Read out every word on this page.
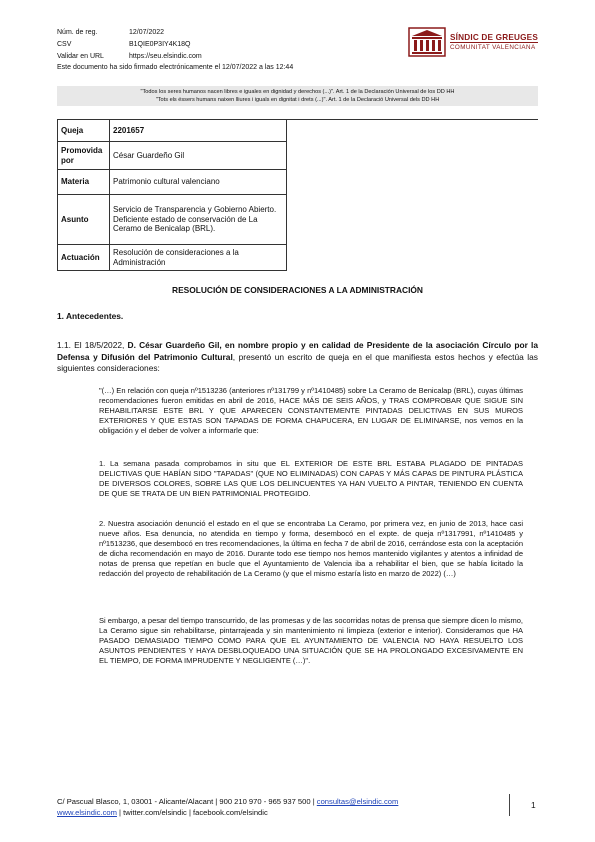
Núm. de reg.	12/07/2022
CSV	B1QIE0P3IY4K18Q
Validar en URL	https://seu.elsindic.com
Este documento ha sido firmado electrónicamente el 12/07/2022 a las 12:44
SÍNDIC DE GREUGES
COMUNITAT VALENCIANA
"Todos los seres humanos nacen libres e iguales en dignidad y derechos (...)". Art. 1 de la Declaración Universal de los DD HH
"Tots els éssers humans naixen lliures i iguals en dignitat i drets (...)". Art. 1 de la Declaració Universal dels DD HH
Queja	2201657	
Promovida por	César Guardeño Gil	
Materia	Patrimonio cultural valenciano	
Asunto	Servicio de Transparencia y Gobierno Abierto. Deficiente estado de conservación de La Ceramo de Benicalap (BRL).	
Actuación	Resolución de consideraciones a la Administración	
RESOLUCIÓN DE CONSIDERACIONES A LA ADMINISTRACIÓN
1. Antecedentes.
1.1. El 18/5/2022, D. César Guardeño Gil, en nombre propio y en calidad de Presidente de la asociación Círculo por la Defensa y Difusión del Patrimonio Cultural, presentó un escrito de queja en el que manifiesta estos hechos y efectúa las siguientes consideraciones:
"(…) En relación con queja nº1513236 (anteriores nº131799 y nº1410485) sobre La Ceramo de Benicalap (BRL), cuyas últimas recomendaciones fueron emitidas en abril de 2016, HACE MÁS DE SEIS AÑOS, y TRAS COMPROBAR QUE SIGUE SIN REHABILITARSE ESTE BRL Y QUE APARECEN CONSTANTEMENTE PINTADAS DELICTIVAS EN SUS MUROS EXTERIORES Y QUE ESTAS SON TAPADAS DE FORMA CHAPUCERA, EN LUGAR DE ELIMINARSE, nos vemos en la obligación y el deber de volver a informarle que:
1. La semana pasada comprobamos in situ que EL EXTERIOR DE ESTE BRL ESTABA PLAGADO DE PINTADAS DELICTIVAS QUE HABÍAN SIDO "TAPADAS" (QUE NO ELIMINADAS) CON CAPAS Y MÁS CAPAS DE PINTURA PLÁSTICA DE DIVERSOS COLORES, SOBRE LAS QUE LOS DELINCUENTES YA HAN VUELTO A PINTAR, TENIENDO EN CUENTA DE QUE SE TRATA DE UN BIEN PATRIMONIAL PROTEGIDO.
2. Nuestra asociación denunció el estado en el que se encontraba La Ceramo, por primera vez, en junio de 2013, hace casi nueve años. Esa denuncia, no atendida en tiempo y forma, desembocó en el expte. de queja nº1317991, nº1410485 y nº1513236, que desembocó en tres recomendaciones, la última en fecha 7 de abril de 2016, cerrándose esta con la aceptación de dicha recomendación en mayo de 2016. Durante todo ese tiempo nos hemos mantenido vigilantes y atentos a infinidad de notas de prensa que repetían en bucle que el Ayuntamiento de Valencia iba a rehabilitar el bien, que se había licitado la redacción del proyecto de rehabilitación de La Ceramo (y que el mismo estaría listo en marzo de 2022) (…)
Si embargo, a pesar del tiempo transcurrido, de las promesas y de las socorridas notas de prensa que siempre dicen lo mismo, La Ceramo sigue sin rehabilitarse, pintarrajeada y sin mantenimiento ni limpieza (exterior e interior). Consideramos que HA PASADO DEMASIADO TIEMPO COMO PARA QUE EL AYUNTAMIENTO DE VALENCIA NO HAYA RESUELTO LOS ASUNTOS PENDIENTES Y HAYA DESBLOQUEADO UNA SITUACIÓN QUE SE HA PROLONGADO EXCESIVAMENTE EN EL TIEMPO, DE FORMA IMPRUDENTE Y NEGLIGENTE (…)".
C/ Pascual Blasco, 1, 03001 - Alicante/Alacant | 900 210 970 - 965 937 500 | consultas@elsindic.com
www.elsindic.com | twitter.com/elsindic | facebook.com/elsindic
1
